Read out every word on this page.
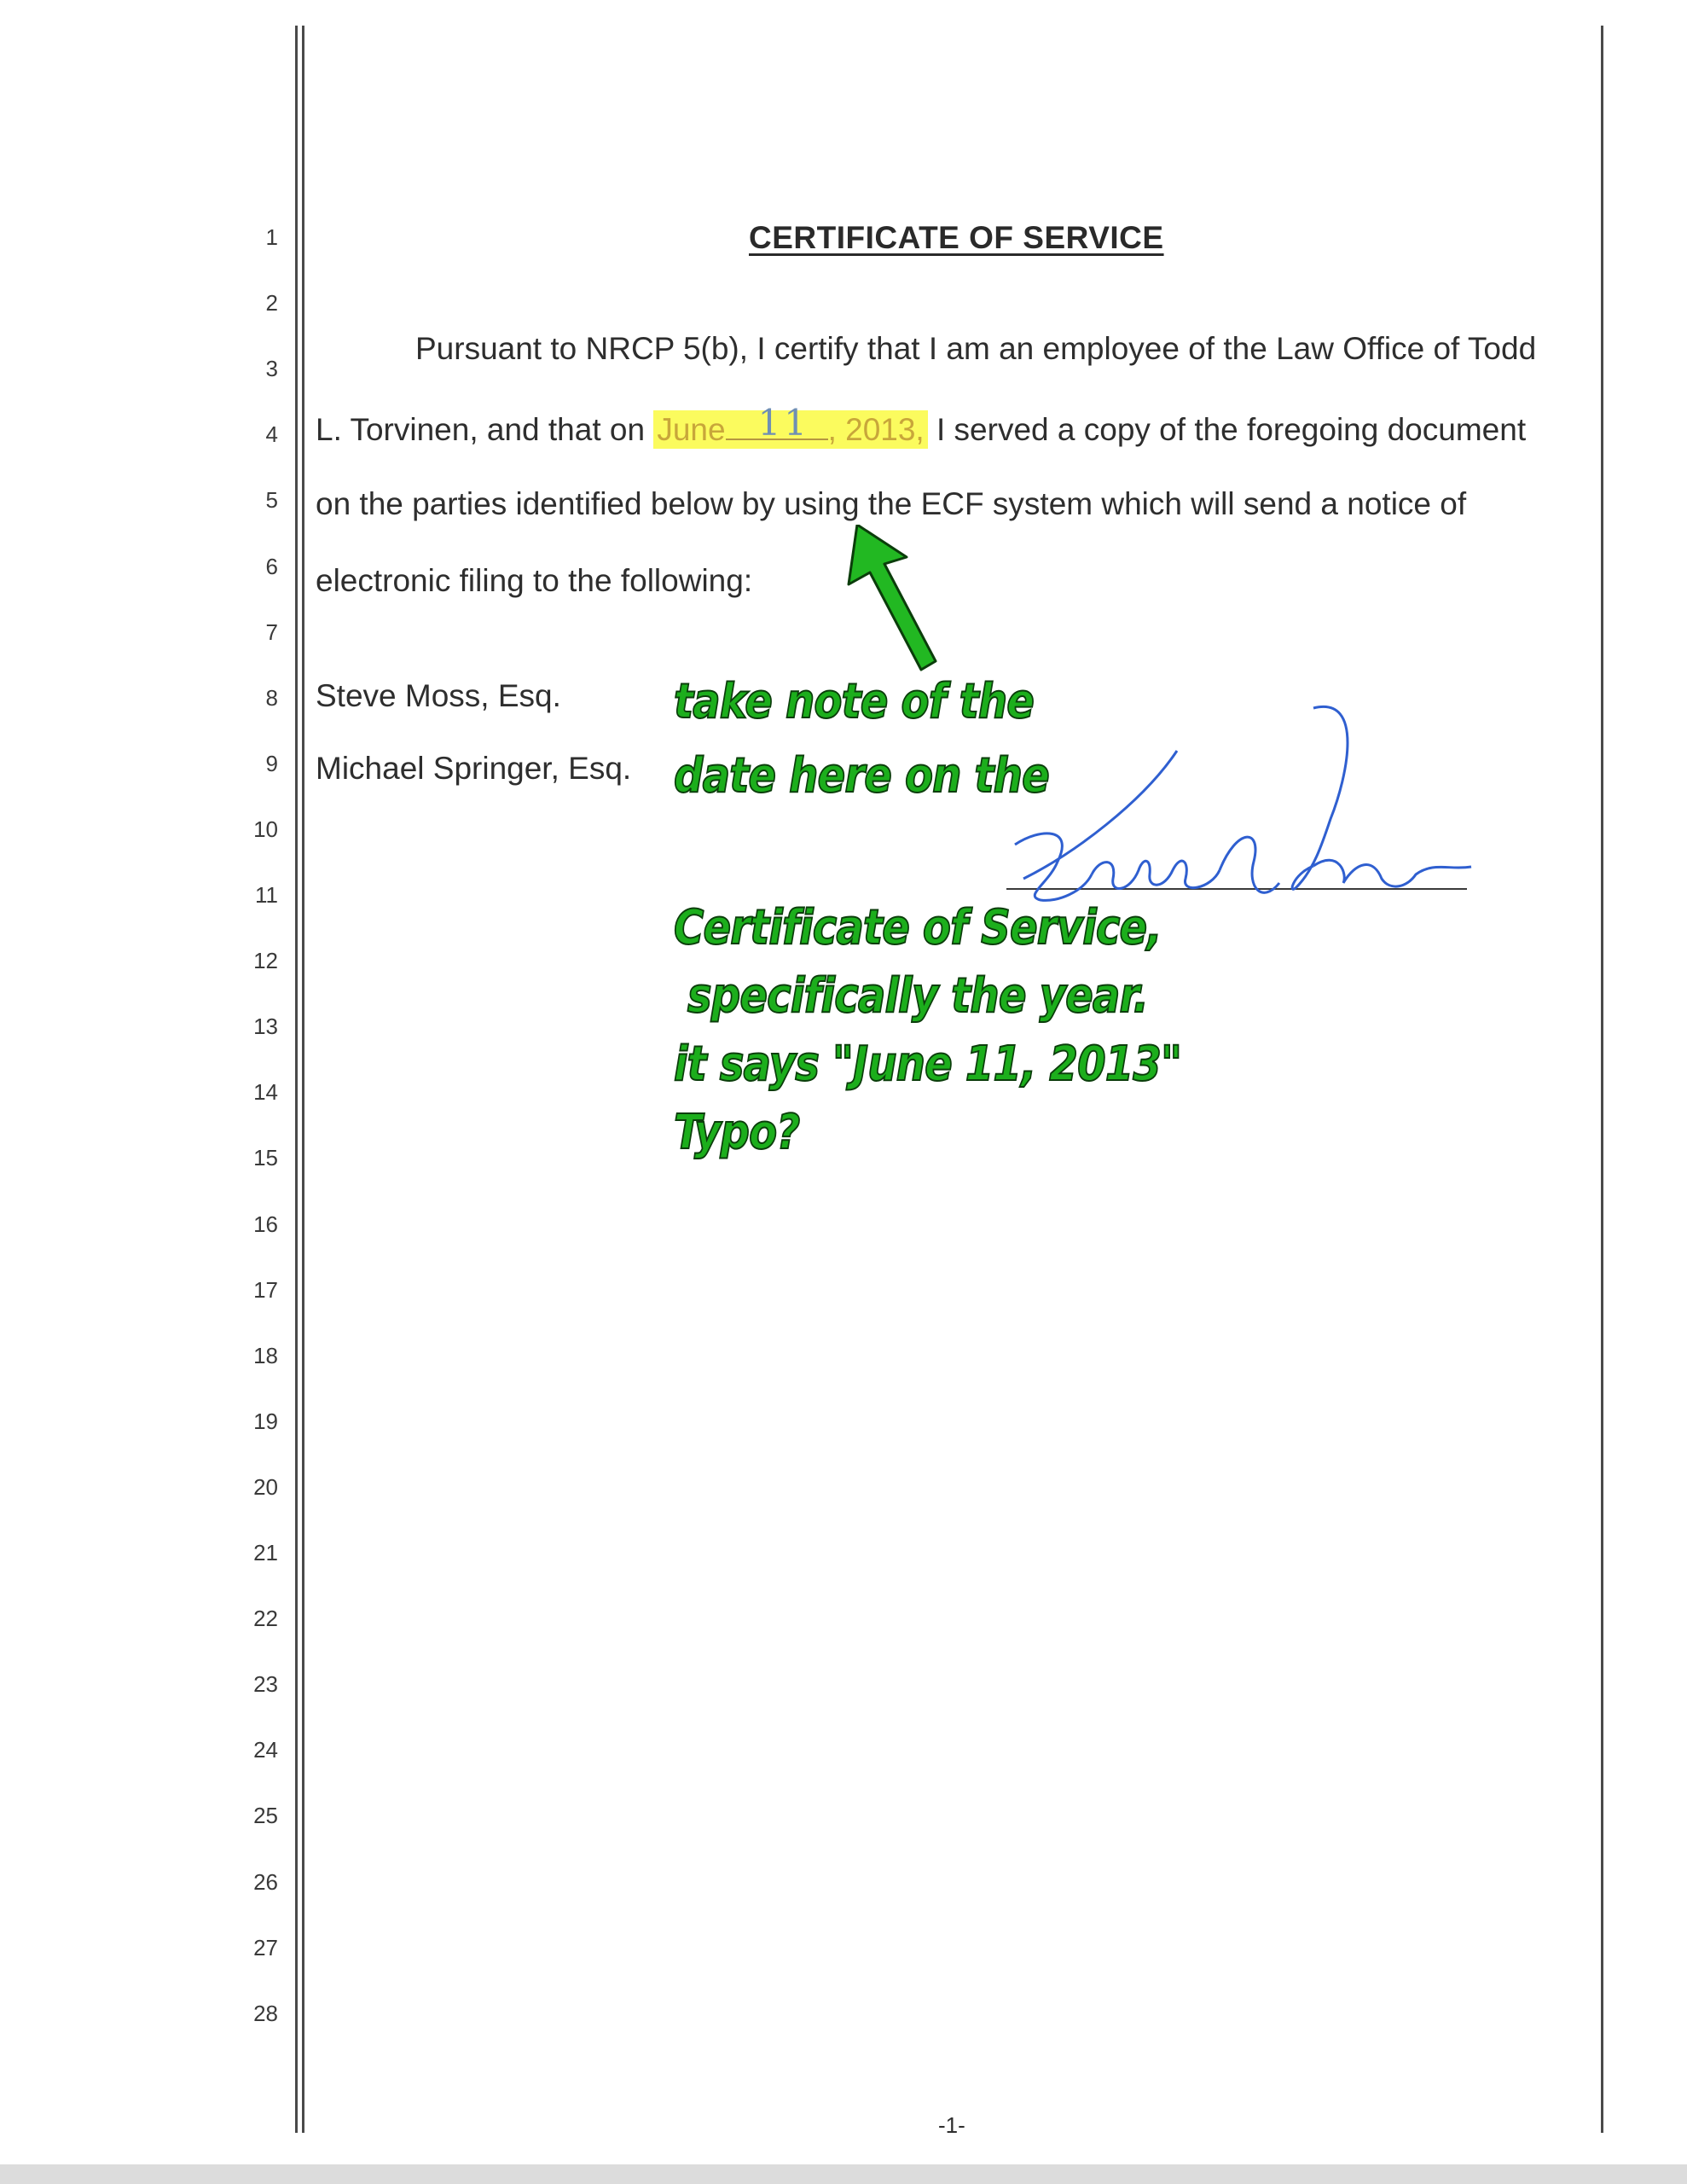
1
2
3
4
5
6
7
8
9
10
11
12
13
14
15
16
17
18
19
20
21
22
23
24
25
26
27
28
CERTIFICATE OF SERVICE
Pursuant to NRCP 5(b), I certify that I am an employee of the Law Office of Todd
L. Torvinen, and that on June 11 , 2013, I served a copy of the foregoing document
on the parties identified below by using the ECF system which will send a notice of
electronic filing to the following:
Steve Moss, Esq.
Michael Springer, Esq.
take note of the
date here on the
Certificate of Service,
specifically the year.
it says "June 11, 2013"
Typo?
-1-
